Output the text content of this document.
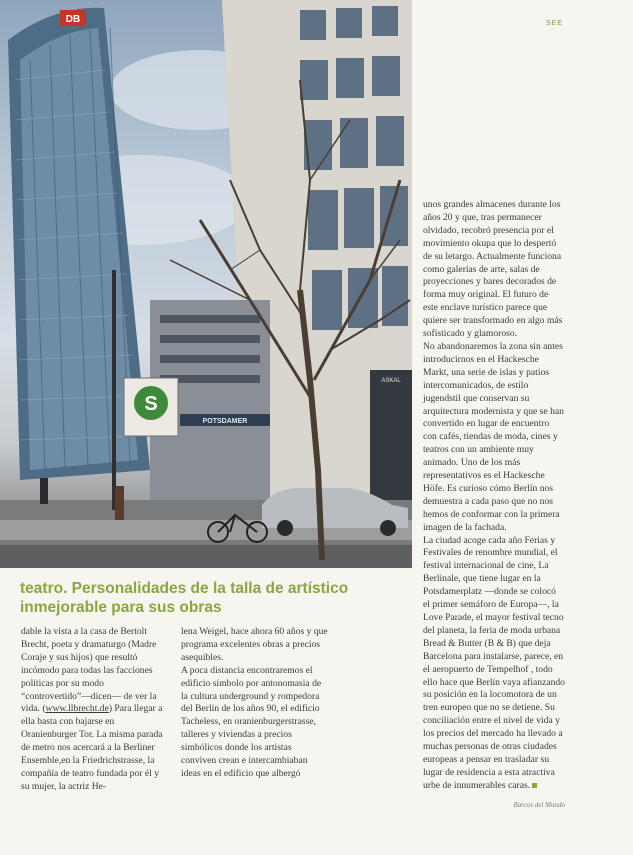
SEE
DB
ASKAL
POTSDAMER
S
teatro. Personalidades de la talla de artístico inmejorable para sus obras

dable la vista a la casa de Bertolt Brecht, poeta y dramaturgo (Madre Coraje y sus hijos) que resultó incómodo para todas las facciones políticas por su modo “controvertido”—dicen— de ver la vida. (www.llbrecht.de) Para llegar a ella basta con bajarse en Oranienburger Tor. La misma parada de metro nos acercará a la Berliner Ensemble,en la Friedrichstrasse, la compañía de teatro fundada por él y su mujer, la actriz He-

lena Weigel, hace ahora 60 años y que programa excelentes obras a precios asequibles.

A poca distancia encontraremos el edificio símbolo por antonomasia de la cultura underground y rompedora del Berlín de los años 90, el edificio Tacheless, en oranienburgerstrasse, talleres y viviendas a precios simbólicos donde los artistas conviven crean e intercambiaban ideas en el edificio que albergó

unos grandes almacenes durante los años 20 y que, tras permanecer olvidado, recobró presencia por el movimiento okupa que lo despertó de su letargo. Actualmente funciona como galerías de arte, salas de proyecciones y bares decorados de forma muy original. El futuro de este enclave turístico parece que quiere ser transformado en algo más sofisticado y glamoroso.

No abandonaremos la zona sin antes introducirnos en el Hackesche Markt, una serie de islas y patios intercomunicados, de estilo jugendstil que conservan su arquitectura modernista y que se han convertido en lugar de encuentro con cafés, tiendas de moda, cines y teatros con un ambiente muy animado. Uno de los más representativos es el Hackesche Höfe. Es curioso cómo Berlín nos demuestra a cada paso que no nos hemos de conformar con la primera imagen de la fachada.

La ciudad acoge cada año Ferias y Festivales de renombre mundial, el festival internacional de cine, La Berlinale, que tiene lugar en la Potsdamerplatz —donde se colocó el primer semáforo de Europa—, la Love Parade, el mayor festival tecno del planeta, la feria de moda urbana Bread & Butter (B & B) que deja Barcelona para instalarse, parece, en el aeropuerto de Tempelhof , todo ello hace que Berlín vaya afianzando su posición en la locomotora de un tren europeo que no se detiene. Su conciliación entre el nivel de vida y los precios del mercado ha llevado a muchas personas de otras ciudades europeas a pensar en trasladar su lugar de residencia a esta atractiva urbe de innumerables caras.

Barcos del Mundo
